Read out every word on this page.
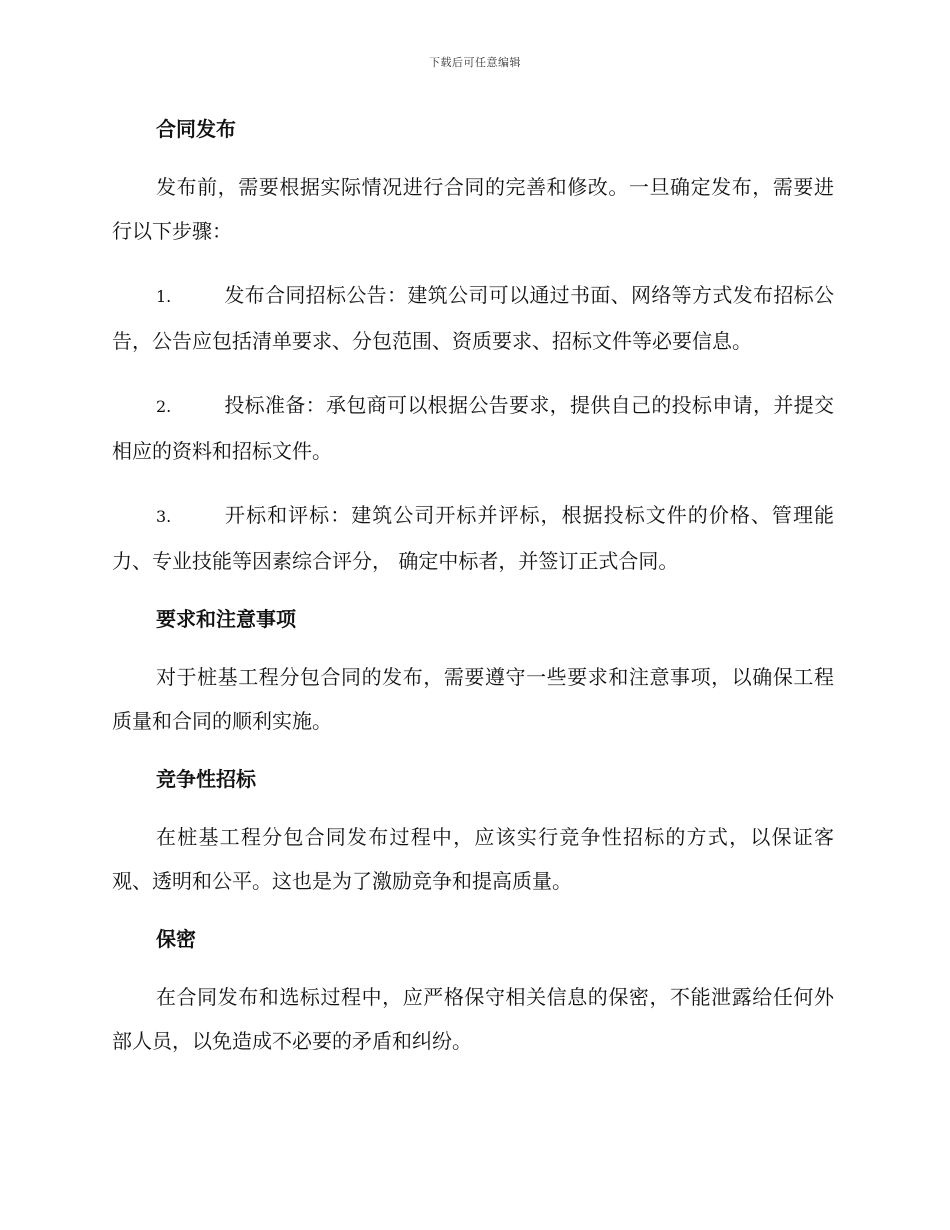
下载后可任意编辑
合同发布

发布前，需要根据实际情况进行合同的完善和修改。一旦确定发布，需要进行以下步骤：

1.	发布合同招标公告：建筑公司可以通过书面、网络等方式发布招标公告，公告应包括清单要求、分包范围、资质要求、招标文件等必要信息。

2.	投标准备：承包商可以根据公告要求，提供自己的投标申请，并提交相应的资料和招标文件。

3.	开标和评标：建筑公司开标并评标，根据投标文件的价格、管理能力、专业技能等因素综合评分， 确定中标者，并签订正式合同。

要求和注意事项

对于桩基工程分包合同的发布，需要遵守一些要求和注意事项，以确保工程质量和合同的顺利实施。

竞争性招标

在桩基工程分包合同发布过程中，应该实行竞争性招标的方式，以保证客观、透明和公平。这也是为了激励竞争和提高质量。

保密

在合同发布和选标过程中，应严格保守相关信息的保密，不能泄露给任何外部人员，以免造成不必要的矛盾和纠纷。
